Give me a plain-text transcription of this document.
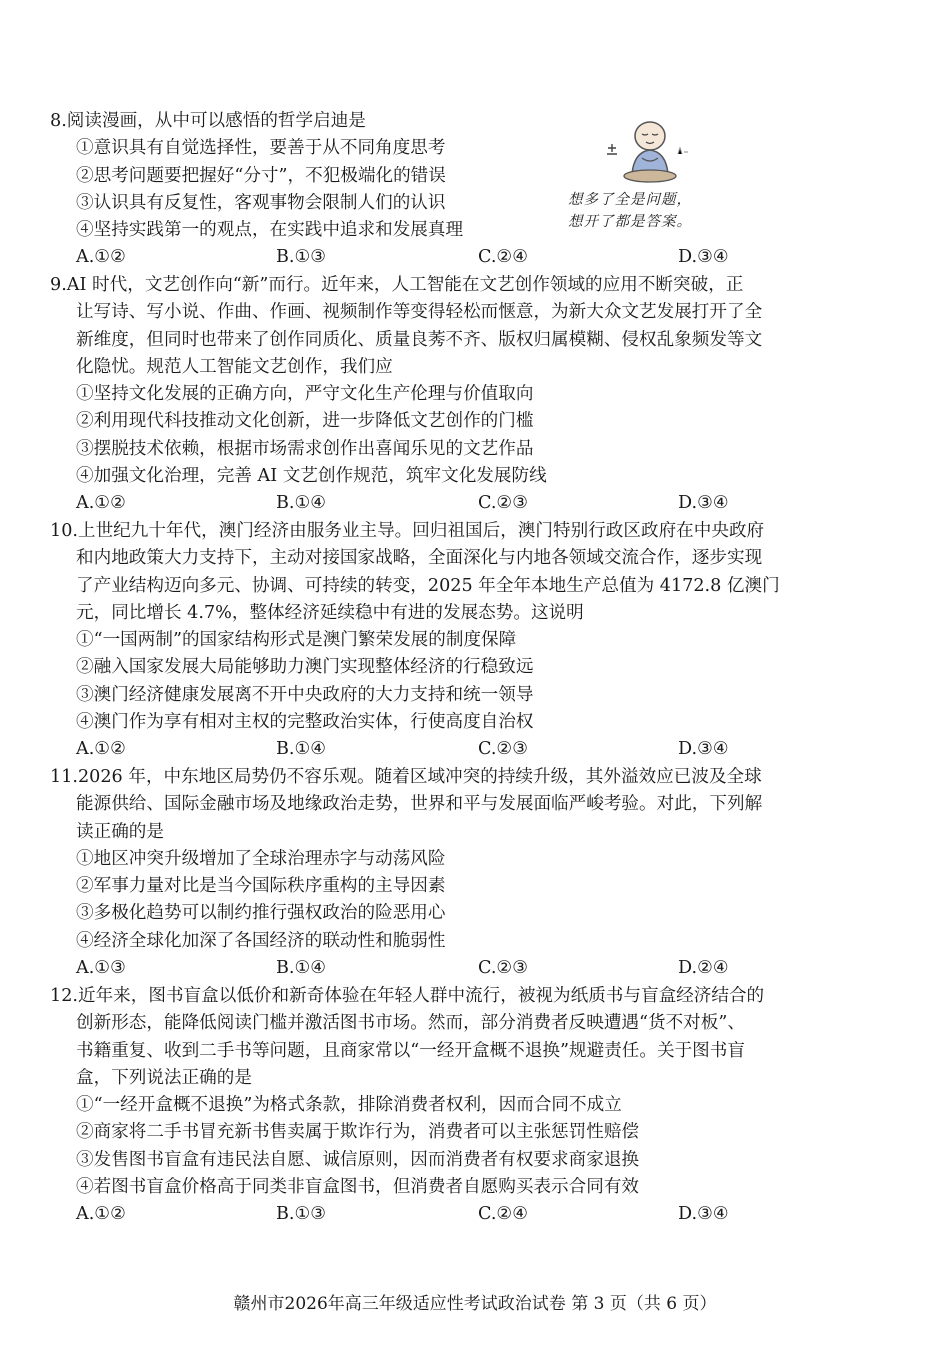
8.阅读漫画，从中可以感悟的哲学启迪是
①意识具有自觉选择性，要善于从不同角度思考
②思考问题要把握好“分寸”，不犯极端化的错误
③认识具有反复性，客观事物会限制人们的认识
④坚持实践第一的观点，在实践中追求和发展真理
A.①②	B.①③	C.②④	D.③④
想多了全是问题，
想开了都是答案。
9.AI 时代，文艺创作向“新”而行。近年来，人工智能在文艺创作领域的应用不断突破，正
让写诗、写小说、作曲、作画、视频制作等变得轻松而惬意，为新大众文艺发展打开了全
新维度，但同时也带来了创作同质化、质量良莠不齐、版权归属模糊、侵权乱象频发等文
化隐忧。规范人工智能文艺创作，我们应
①坚持文化发展的正确方向，严守文化生产伦理与价值取向
②利用现代科技推动文化创新，进一步降低文艺创作的门槛
③摆脱技术依赖，根据市场需求创作出喜闻乐见的文艺作品
④加强文化治理，完善 AI 文艺创作规范，筑牢文化发展防线
A.①②	B.①④	C.②③	D.③④
10.上世纪九十年代，澳门经济由服务业主导。回归祖国后，澳门特别行政区政府在中央政府
和内地政策大力支持下，主动对接国家战略，全面深化与内地各领域交流合作，逐步实现
了产业结构迈向多元、协调、可持续的转变，2025 年全年本地生产总值为 4172.8 亿澳门
元，同比增长 4.7%，整体经济延续稳中有进的发展态势。这说明
①“一国两制”的国家结构形式是澳门繁荣发展的制度保障
②融入国家发展大局能够助力澳门实现整体经济的行稳致远
③澳门经济健康发展离不开中央政府的大力支持和统一领导
④澳门作为享有相对主权的完整政治实体，行使高度自治权
A.①②	B.①④	C.②③	D.③④
11.2026 年，中东地区局势仍不容乐观。随着区域冲突的持续升级，其外溢效应已波及全球
能源供给、国际金融市场及地缘政治走势，世界和平与发展面临严峻考验。对此，下列解
读正确的是
①地区冲突升级增加了全球治理赤字与动荡风险
②军事力量对比是当今国际秩序重构的主导因素
③多极化趋势可以制约推行强权政治的险恶用心
④经济全球化加深了各国经济的联动性和脆弱性
A.①③	B.①④	C.②③	D.②④
12.近年来，图书盲盒以低价和新奇体验在年轻人群中流行，被视为纸质书与盲盒经济结合的
创新形态，能降低阅读门槛并激活图书市场。然而，部分消费者反映遭遇“货不对板”、
书籍重复、收到二手书等问题，且商家常以“一经开盒概不退换”规避责任。关于图书盲
盒，下列说法正确的是
①“一经开盒概不退换”为格式条款，排除消费者权利，因而合同不成立
②商家将二手书冒充新书售卖属于欺诈行为，消费者可以主张惩罚性赔偿
③发售图书盲盒有违民法自愿、诚信原则，因而消费者有权要求商家退换
④若图书盲盒价格高于同类非盲盒图书，但消费者自愿购买表示合同有效
A.①②	B.①③	C.②④	D.③④
赣州市2026年高三年级适应性考试政治试卷 第 3 页（共 6 页）
